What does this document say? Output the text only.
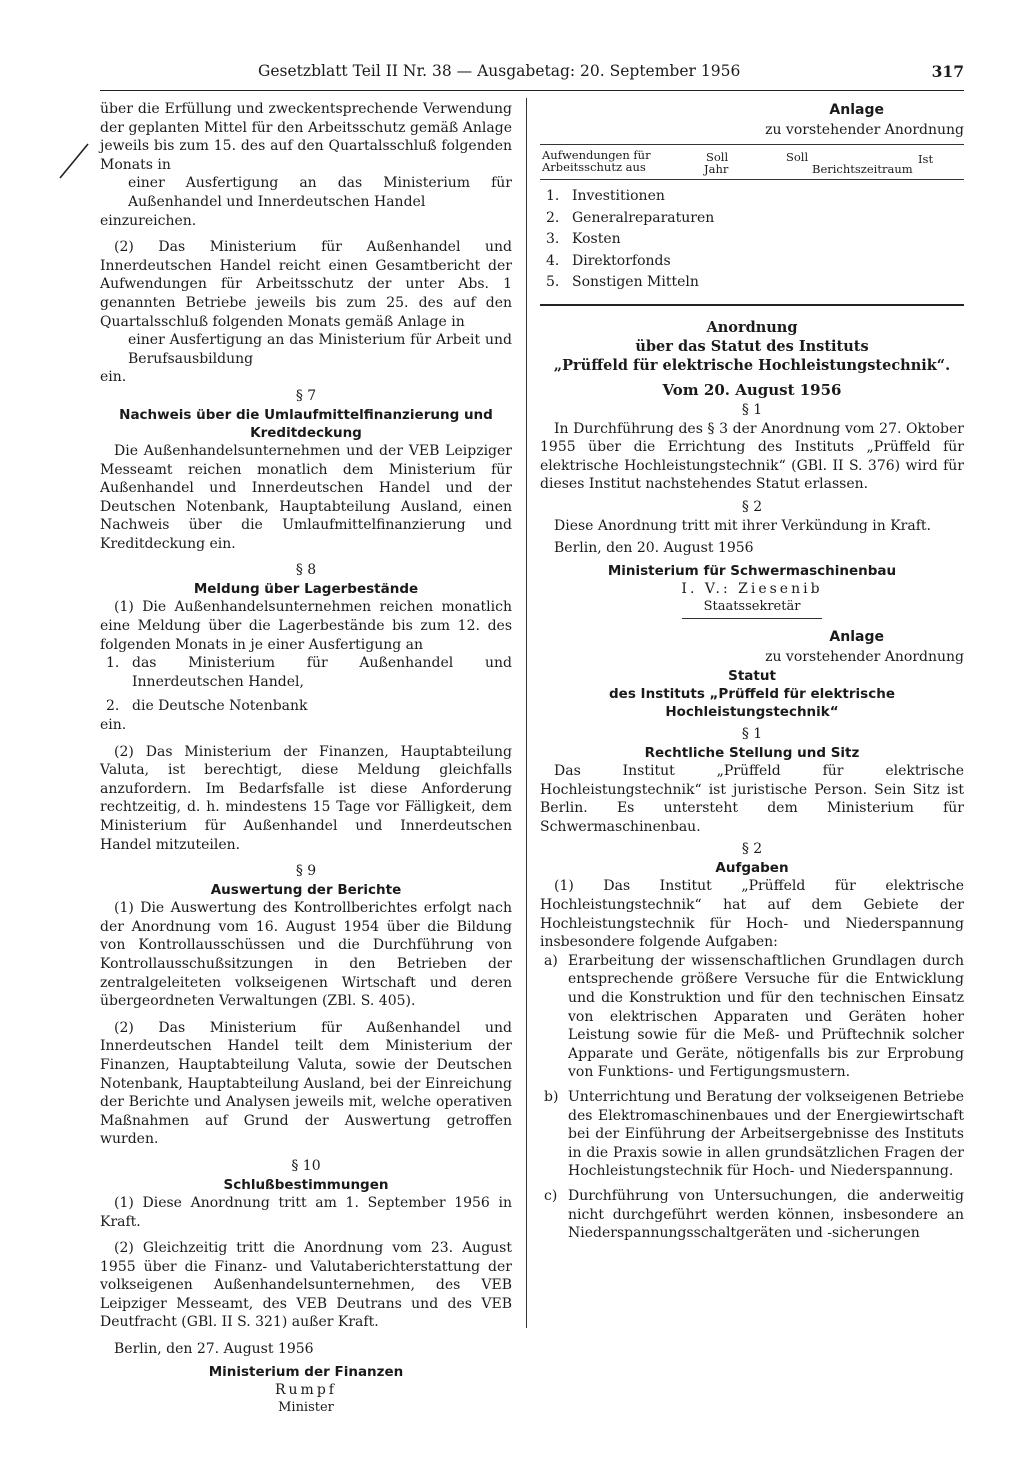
Gesetzblatt Teil II Nr. 38 — Ausgabetag: 20. September 1956	317

über die Erfüllung und zweckentsprechende Verwendung der geplanten Mittel für den Arbeitsschutz gemäß Anlage jeweils bis zum 15. des auf den Quartalsschluß folgenden Monats in

einer Ausfertigung an das Ministerium für Außenhandel und Innerdeutschen Handel

einzureichen.

(2) Das Ministerium für Außenhandel und Innerdeutschen Handel reicht einen Gesamtbericht der Aufwendungen für Arbeitsschutz der unter Abs. 1 genannten Betriebe jeweils bis zum 25. des auf den Quartalsschluß folgenden Monats gemäß Anlage in

einer Ausfertigung an das Ministerium für Arbeit und Berufsausbildung

ein.

§ 7
Nachweis über die Umlaufmittelfinanzierung und Kreditdeckung

Die Außenhandelsunternehmen und der VEB Leipziger Messeamt reichen monatlich dem Ministerium für Außenhandel und Innerdeutschen Handel und der Deutschen Notenbank, Hauptabteilung Ausland, einen Nachweis über die Umlaufmittelfinanzierung und Kreditdeckung ein.

§ 8
Meldung über Lagerbestände

(1) Die Außenhandelsunternehmen reichen monatlich eine Meldung über die Lagerbestände bis zum 12. des folgenden Monats in je einer Ausfertigung an

1. das Ministerium für Außenhandel und Innerdeutschen Handel,
2. die Deutsche Notenbank

ein.

(2) Das Ministerium der Finanzen, Hauptabteilung Valuta, ist berechtigt, diese Meldung gleichfalls anzufordern. Im Bedarfsfalle ist diese Anforderung rechtzeitig, d. h. mindestens 15 Tage vor Fälligkeit, dem Ministerium für Außenhandel und Innerdeutschen Handel mitzuteilen.

§ 9
Auswertung der Berichte

(1) Die Auswertung des Kontrollberichtes erfolgt nach der Anordnung vom 16. August 1954 über die Bildung von Kontrollausschüssen und die Durchführung von Kontrollausschußsitzungen in den Betrieben der zentralgeleiteten volkseigenen Wirtschaft und deren übergeordneten Verwaltungen (ZBl. S. 405).

(2) Das Ministerium für Außenhandel und Innerdeutschen Handel teilt dem Ministerium der Finanzen, Hauptabteilung Valuta, sowie der Deutschen Notenbank, Hauptabteilung Ausland, bei der Einreichung der Berichte und Analysen jeweils mit, welche operativen Maßnahmen auf Grund der Auswertung getroffen wurden.

§ 10
Schlußbestimmungen

(1) Diese Anordnung tritt am 1. September 1956 in Kraft.

(2) Gleichzeitig tritt die Anordnung vom 23. August 1955 über die Finanz- und Valutaberichterstattung der volkseigenen Außenhandelsunternehmen, des VEB Leipziger Messeamt, des VEB Deutrans und des VEB Deutfracht (GBl. II S. 321) außer Kraft.

Berlin, den 27. August 1956

Ministerium der Finanzen
Rumpf
Minister
Anlage
zu vorstehender Anordnung
Aufwendungen für
Arbeitsschutz aus
Soll
Jahr
Soll	Ist
Berichtszeitraum
1. Investitionen
2. Generalreparaturen
3. Kosten
4. Direktorfonds
5. Sonstigen Mitteln
Anordnung
über das Statut des Instituts
„Prüffeld für elektrische Hochleistungstechnik“.
Vom 20. August 1956
§ 1

In Durchführung des § 3 der Anordnung vom 27. Oktober 1955 über die Errichtung des Instituts „Prüffeld für elektrische Hochleistungstechnik“ (GBl. II S. 376) wird für dieses Institut nachstehendes Statut erlassen.

§ 2

Diese Anordnung tritt mit ihrer Verkündung in Kraft.

Berlin, den 20. August 1956

Ministerium für Schwermaschinenbau
I. V.: Ziesenib
Staatssekretär
Anlage
zu vorstehender Anordnung
Statut
des Instituts „Prüffeld für elektrische Hochleistungstechnik“
§ 1
Rechtliche Stellung und Sitz

Das Institut „Prüffeld für elektrische Hochleistungstechnik“ ist juristische Person. Sein Sitz ist Berlin. Es untersteht dem Ministerium für Schwermaschinenbau.

§ 2
Aufgaben

(1) Das Institut „Prüffeld für elektrische Hochleistungstechnik“ hat auf dem Gebiete der Hochleistungstechnik für Hoch- und Niederspannung insbesondere folgende Aufgaben:

a) Erarbeitung der wissenschaftlichen Grundlagen durch entsprechende größere Versuche für die Entwicklung und die Konstruktion und für den technischen Einsatz von elektrischen Apparaten und Geräten hoher Leistung sowie für die Meß- und Prüftechnik solcher Apparate und Geräte, nötigenfalls bis zur Erprobung von Funktions- und Fertigungsmustern.
b) Unterrichtung und Beratung der volkseigenen Betriebe des Elektromaschinenbaues und der Energiewirtschaft bei der Einführung der Arbeitsergebnisse des Instituts in die Praxis sowie in allen grundsätzlichen Fragen der Hochleistungstechnik für Hoch- und Niederspannung.
c) Durchführung von Untersuchungen, die anderweitig nicht durchgeführt werden können, insbesondere an Niederspannungsschaltgeräten und -sicherungen
